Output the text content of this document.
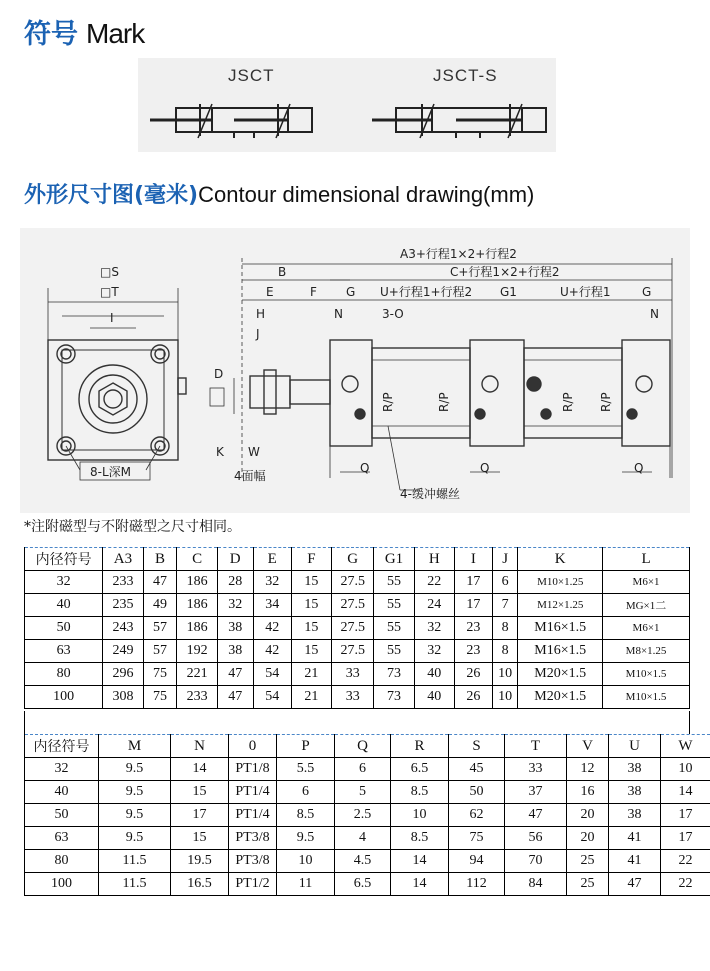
符号 Mark
JSCT	JSCT-S
外形尺寸图(毫米)Contour dimensional drawing(mm)
□S
□T
I
8-L深M
K W
4面幅
D
A3+行程1×2+行程2
B	C+行程1×2+行程2
E	F G U+行程1+行程2 G1	U+行程1	G
H
J
N	3-O	N
Q	Q	Q
4-缓冲螺丝
R/P	R/P	R/P R/P
*注附磁型与不附磁型之尺寸相同。
内径符号	A3	B	C	D	E	F	G	G1	H	I	J	K	L
32	233	47	186	28	32	15	27.5	55	22	17	6	M10×1.25	M6×1
40	235	49	186	32	34	15	27.5	55	24	17	7	M12×1.25	MG×1二
50	243	57	186	38	42	15	27.5	55	32	23	8	M16×1.5	M6×1
63	249	57	192	38	42	15	27.5	55	32	23	8	M16×1.5	M8×1.25
80	296	75	221	47	54	21	33	73	40	26	10	M20×1.5	M10×1.5
100	308	75	233	47	54	21	33	73	40	26	10	M20×1.5	M10×1.5
内径符号	M	N	0	P	Q	R	S	T	V	U	W
32	9.5	14	PT1/8	5.5	6	6.5	45	33	12	38	10
40	9.5	15	PT1/4	6	5	8.5	50	37	16	38	14
50	9.5	17	PT1/4	8.5	2.5	10	62	47	20	38	17
63	9.5	15	PT3/8	9.5	4	8.5	75	56	20	41	17
80	11.5	19.5	PT3/8	10	4.5	14	94	70	25	41	22
100	11.5	16.5	PT1/2	11	6.5	14	112	84	25	47	22
